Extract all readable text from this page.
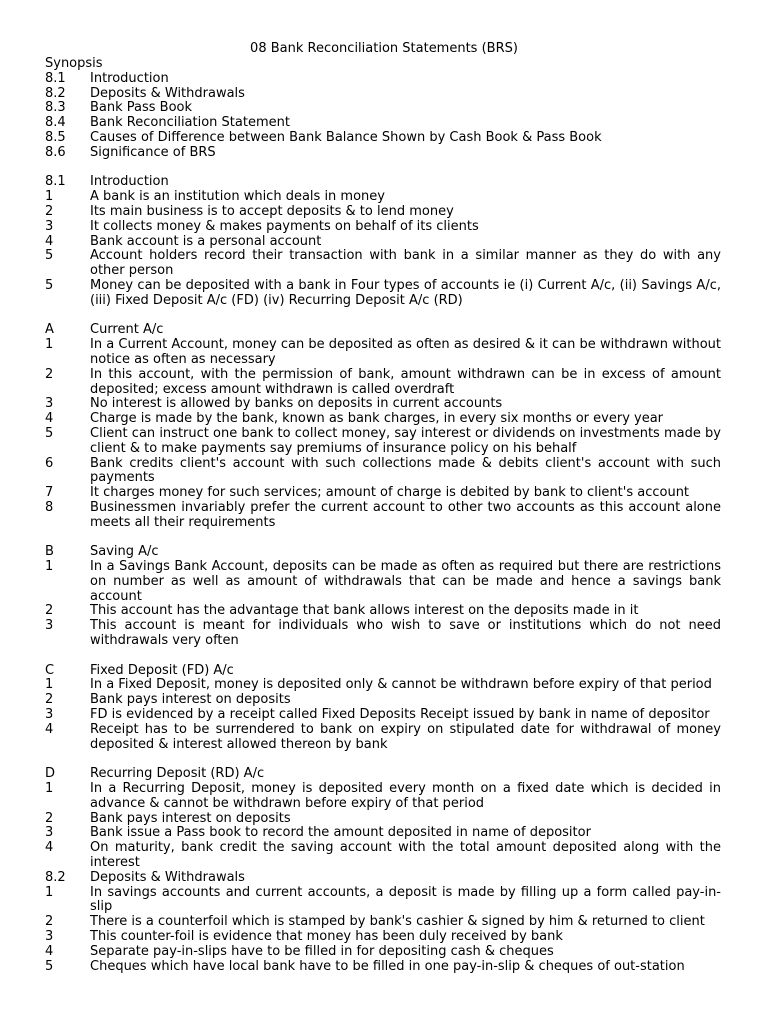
08 Bank Reconciliation Statements (BRS)
Synopsis
8.1	Introduction
8.2	Deposits & Withdrawals
8.3	Bank Pass Book
8.4	Bank Reconciliation Statement
8.5	Causes of Difference between Bank Balance Shown by Cash Book & Pass Book
8.6	Significance of BRS
8.1	Introduction
1	A bank is an institution which deals in money
2	Its main business is to accept deposits & to lend money
3	It collects money & makes payments on behalf of its clients
4	Bank account is a personal account
5	Account holders record their transaction with bank in a similar manner as they do with any other person
5	Money can be deposited with a bank in Four types of accounts ie (i) Current A/c, (ii) Savings A/c, (iii) Fixed Deposit A/c (FD) (iv) Recurring Deposit A/c (RD)
A	Current A/c
1	In a Current Account, money can be deposited as often as desired & it can be withdrawn without notice as often as necessary
2	In this account, with the permission of bank, amount withdrawn can be in excess of amount deposited; excess amount withdrawn is called overdraft
3	No interest is allowed by banks on deposits in current accounts
4	Charge is made by the bank, known as bank charges, in every six months or every year
5	Client can instruct one bank to collect money, say interest or dividends on investments made by client & to make payments say premiums of insurance policy on his behalf
6	Bank credits client's account with such collections made & debits client's account with such payments
7	It charges money for such services; amount of charge is debited by bank to client's account
8	Businessmen invariably prefer the current account to other two accounts as this account alone meets all their requirements
B	Saving A/c
1	In a Savings Bank Account, deposits can be made as often as required but there are restrictions on number as well as amount of withdrawals that can be made and hence a savings bank account
2	This account has the advantage that bank allows interest on the deposits made in it
3	This account is meant for individuals who wish to save or institutions which do not need withdrawals very often
C	Fixed Deposit (FD) A/c
1	In a Fixed Deposit, money is deposited only & cannot be withdrawn before expiry of that period
2	Bank pays interest on deposits
3	FD is evidenced by a receipt called Fixed Deposits Receipt issued by bank in name of depositor
4	Receipt has to be surrendered to bank on expiry on stipulated date for withdrawal of money deposited & interest allowed thereon by bank
D	Recurring Deposit (RD) A/c
1	In a Recurring Deposit, money is deposited every month on a fixed date which is decided in advance & cannot be withdrawn before expiry of that period
2	Bank pays interest on deposits
3	Bank issue a Pass book to record the amount deposited in name of depositor
4	On maturity, bank credit the saving account with the total amount deposited along with the interest
8.2	Deposits & Withdrawals
1	In savings accounts and current accounts, a deposit is made by filling up a form called pay-in-slip
2	There is a counterfoil which is stamped by bank's cashier & signed by him & returned to client
3	This counter-foil is evidence that money has been duly received by bank
4	Separate pay-in-slips have to be filled in for depositing cash & cheques
5	Cheques which have local bank have to be filled in one pay-in-slip & cheques of out-station
